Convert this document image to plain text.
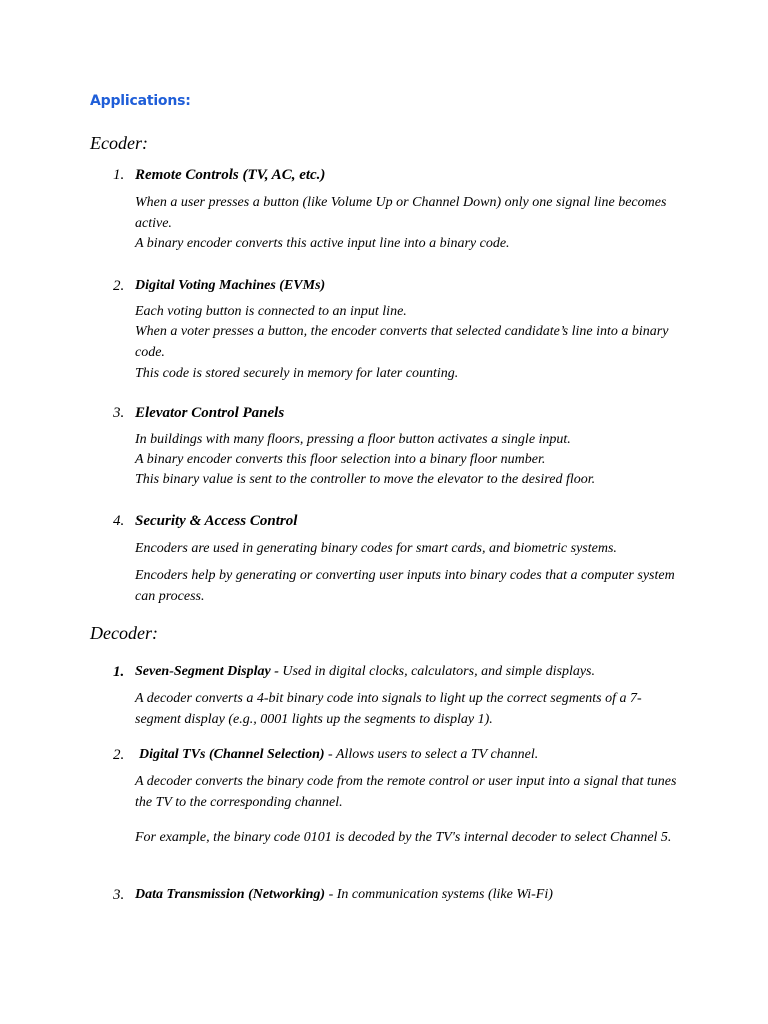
Applications:
Ecoder:
1. Remote Controls (TV, AC, etc.)
When a user presses a button (like Volume Up or Channel Down) only one signal line becomes active.
A binary encoder converts this active input line into a binary code.
2. Digital Voting Machines (EVMs)
Each voting button is connected to an input line.
When a voter presses a button, the encoder converts that selected candidate’s line into a binary code.
This code is stored securely in memory for later counting.
3. Elevator Control Panels
In buildings with many floors, pressing a floor button activates a single input.
A binary encoder converts this floor selection into a binary floor number.
This binary value is sent to the controller to move the elevator to the desired floor.
4. Security & Access Control
Encoders are used in generating binary codes for smart cards, and biometric systems.
Encoders help by generating or converting user inputs into binary codes that a computer system can process.
Decoder:
1. Seven-Segment Display - Used in digital clocks, calculators, and simple displays.
A decoder converts a 4-bit binary code into signals to light up the correct segments of a 7-segment display (e.g., 0001 lights up the segments to display 1).
2. Digital TVs (Channel Selection) - Allows users to select a TV channel.
A decoder converts the binary code from the remote control or user input into a signal that tunes the TV to the corresponding channel.
For example, the binary code 0101 is decoded by the TV's internal decoder to select Channel 5.
3. Data Transmission (Networking) - In communication systems (like Wi-Fi)
